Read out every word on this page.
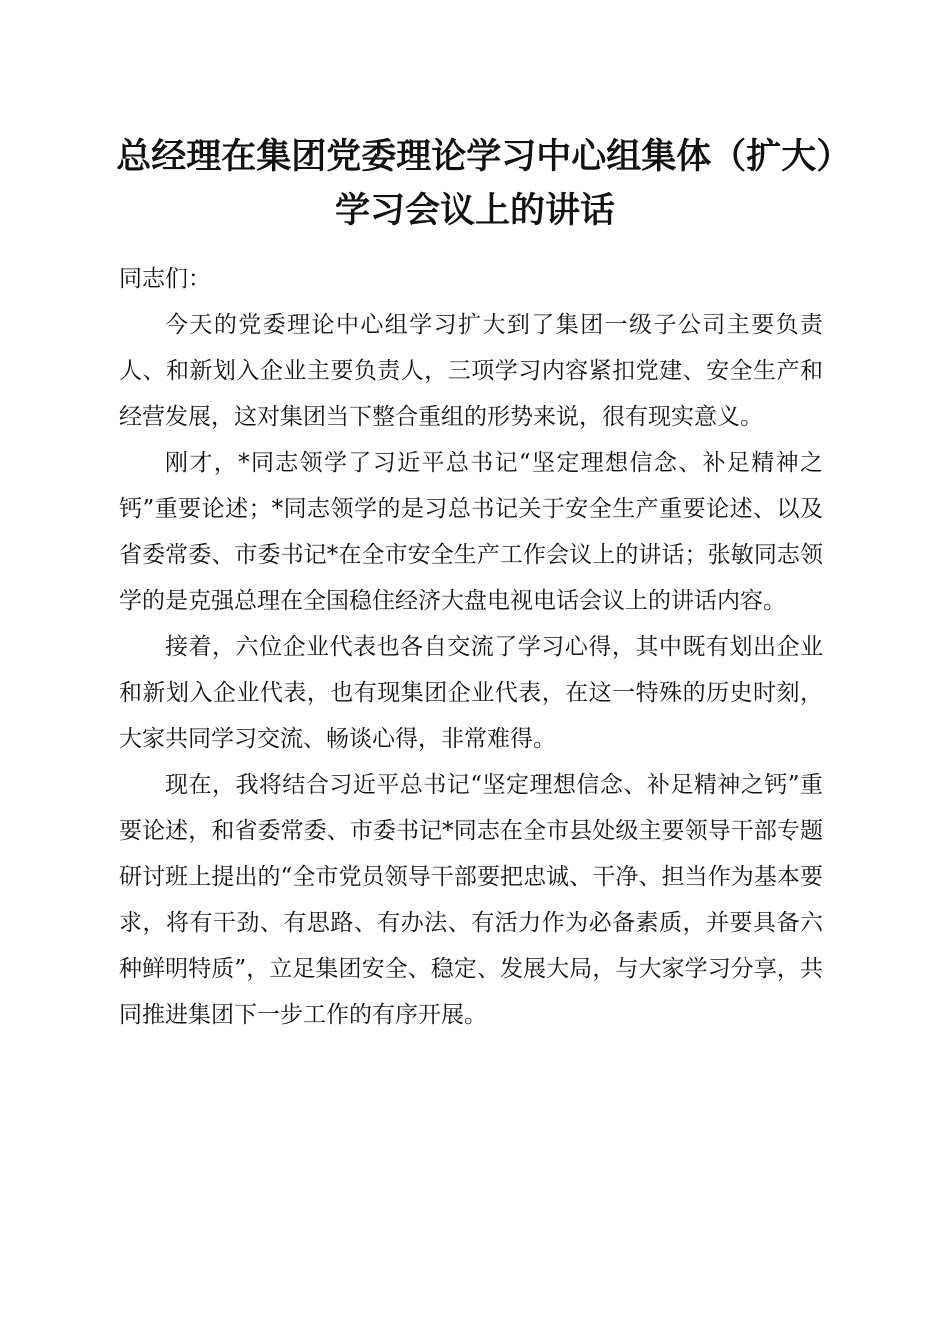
总经理在集团党委理论学习中心组集体（扩大）学习会议上的讲话

同志们：

今天的党委理论中心组学习扩大到了集团一级子公司主要负责人、和新划入企业主要负责人，三项学习内容紧扣党建、安全生产和经营发展，这对集团当下整合重组的形势来说，很有现实意义。

刚才，*同志领学了习近平总书记“坚定理想信念、补足精神之钙”重要论述；*同志领学的是习总书记关于安全生产重要论述、以及省委常委、市委书记*在全市安全生产工作会议上的讲话；张敏同志领学的是克强总理在全国稳住经济大盘电视电话会议上的讲话内容。

接着，六位企业代表也各自交流了学习心得，其中既有划出企业和新划入企业代表，也有现集团企业代表，在这一特殊的历史时刻，大家共同学习交流、畅谈心得，非常难得。

现在，我将结合习近平总书记“坚定理想信念、补足精神之钙”重要论述，和省委常委、市委书记*同志在全市县处级主要领导干部专题研讨班上提出的“全市党员领导干部要把忠诚、干净、担当作为基本要求，将有干劲、有思路、有办法、有活力作为必备素质，并要具备六种鲜明特质”，立足集团安全、稳定、发展大局，与大家学习分享，共同推进集团下一步工作的有序开展。
